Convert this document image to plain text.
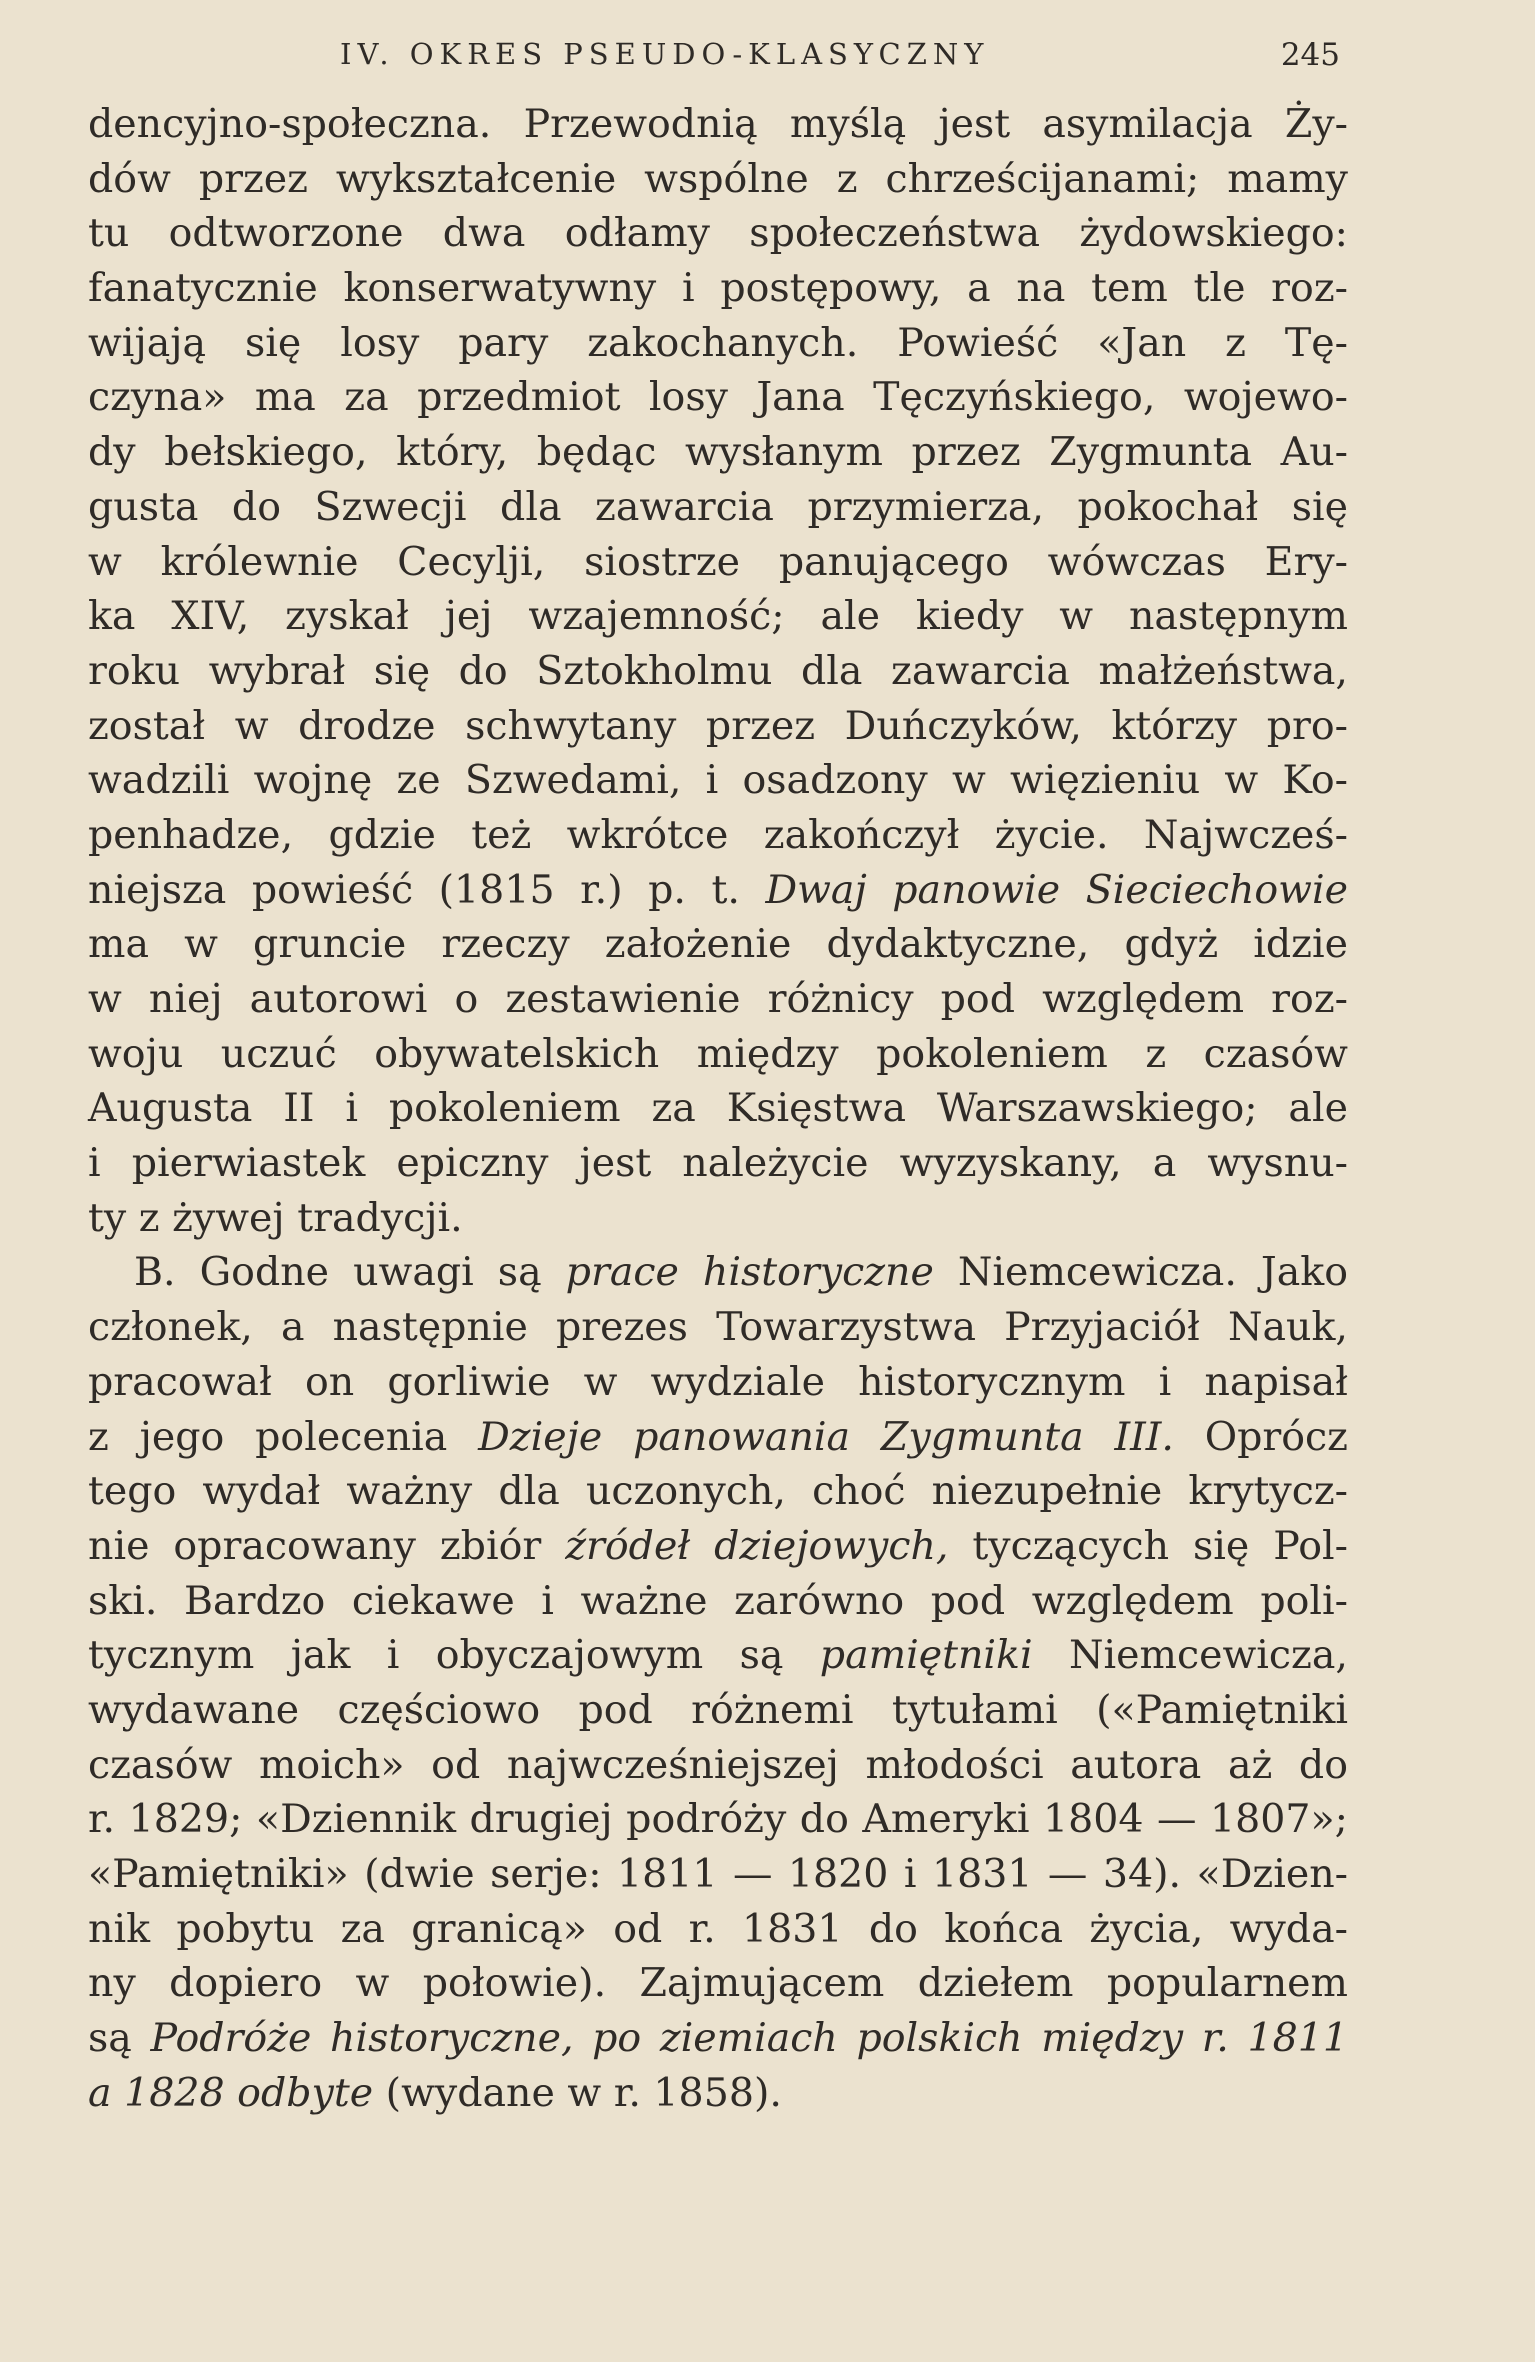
IV. OKRES PSEUDO-KLASYCZNY	245
dencyjno-społeczna. Przewodnią myślą jest asymilacja Ży-
dów przez wykształcenie wspólne z chrześcijanami; mamy
tu odtworzone dwa odłamy społeczeństwa żydowskiego:
fanatycznie konserwatywny i postępowy, a na tem tle roz-
wijają się losy pary zakochanych. Powieść «Jan z Tę-
czyna» ma za przedmiot losy Jana Tęczyńskiego, wojewo-
dy bełskiego, który, będąc wysłanym przez Zygmunta Au-
gusta do Szwecji dla zawarcia przymierza, pokochał się
w królewnie Cecylji, siostrze panującego wówczas Ery-
ka XIV, zyskał jej wzajemność; ale kiedy w następnym
roku wybrał się do Sztokholmu dla zawarcia małżeństwa,
został w drodze schwytany przez Duńczyków, którzy pro-
wadzili wojnę ze Szwedami, i osadzony w więzieniu w Ko-
penhadze, gdzie też wkrótce zakończył życie. Najwcześ-
niejsza powieść (1815 r.) p. t. Dwaj panowie Sieciechowie
ma w gruncie rzeczy założenie dydaktyczne, gdyż idzie
w niej autorowi o zestawienie różnicy pod względem roz-
woju uczuć obywatelskich między pokoleniem z czasów
Augusta II i pokoleniem za Księstwa Warszawskiego; ale
i pierwiastek epiczny jest należycie wyzyskany, a wysnu-
ty z żywej tradycji.
B. Godne uwagi są prace historyczne Niemcewicza. Jako
członek, a następnie prezes Towarzystwa Przyjaciół Nauk,
pracował on gorliwie w wydziale historycznym i napisał
z jego polecenia Dzieje panowania Zygmunta III. Oprócz
tego wydał ważny dla uczonych, choć niezupełnie krytycz-
nie opracowany zbiór źródeł dziejowych, tyczących się Pol-
ski. Bardzo ciekawe i ważne zarówno pod względem poli-
tycznym jak i obyczajowym są pamiętniki Niemcewicza,
wydawane częściowo pod różnemi tytułami («Pamiętniki
czasów moich» od najwcześniejszej młodości autora aż do
r. 1829; «Dziennik drugiej podróży do Ameryki 1804 — 1807»;
«Pamiętniki» (dwie serje: 1811 — 1820 i 1831 — 34). «Dzien-
nik pobytu za granicą» od r. 1831 do końca życia, wyda-
ny dopiero w połowie). Zajmującem dziełem popularnem
są Podróże historyczne, po ziemiach polskich między r. 1811
a 1828 odbyte (wydane w r. 1858).
